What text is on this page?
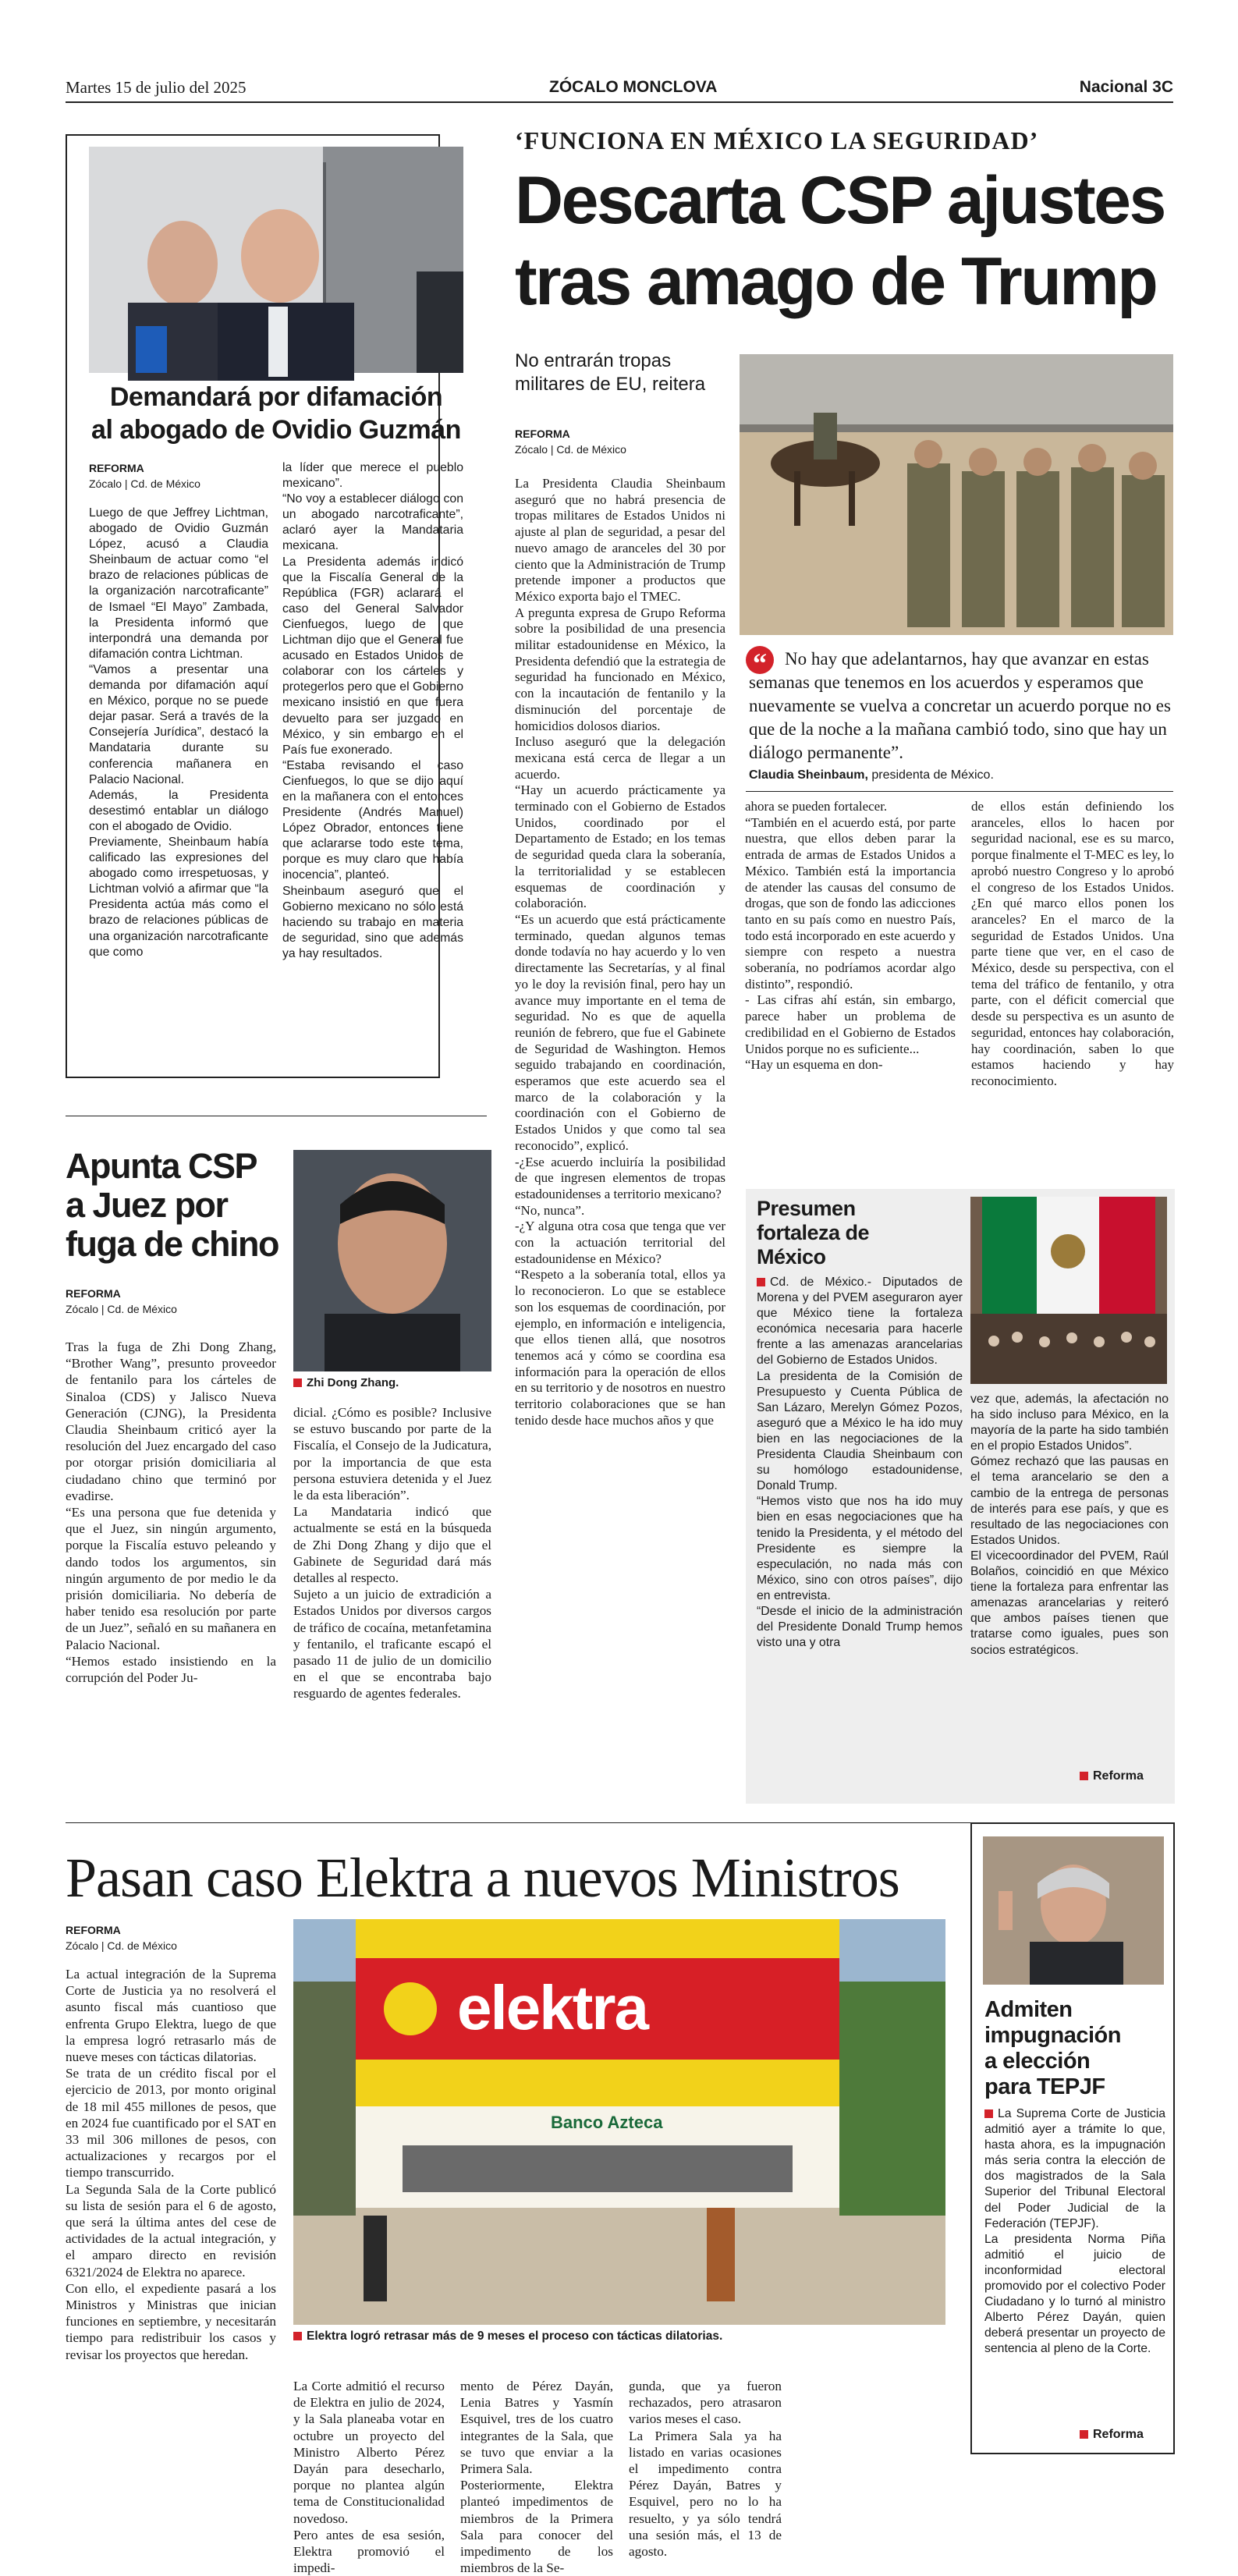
Martes 15 de julio del 2025	ZÓCALO MONCLOVA	Nacional 3C
Demandará por difamación
al abogado de Ovidio Guzmán
REFORMA
Zócalo | Cd. de México
Luego de que Jeffrey Lichtman, abogado de Ovidio Guzmán López, acusó a Claudia Sheinbaum de actuar como “el brazo de relaciones públicas de la organización narcotraficante” de Ismael “El Mayo” Zambada, la Presidenta informó que interpondrá una demanda por difamación contra Lichtman.
“Vamos a presentar una demanda por difamación aquí en México, porque no se puede dejar pasar. Será a través de la Consejería Jurídica”, destacó la Mandataria durante su conferencia mañanera en Palacio Nacional.
Además, la Presidenta desestimó entablar un diálogo con el abogado de Ovidio.
Previamente, Sheinbaum había calificado las expresiones del abogado como irrespetuosas, y Lichtman volvió a afirmar que “la Presidenta actúa más como el brazo de relaciones públicas de una organización narcotraficante que como
la líder que merece el pueblo mexicano”.
“No voy a establecer diálogo con un abogado narcotraficante”, aclaró ayer la Mandataria mexicana.
La Presidenta además indicó que la Fiscalía General de la República (FGR) aclarará el caso del General Salvador Cienfuegos, luego de que Lichtman dijo que el General fue acusado en Estados Unidos de colaborar con los cárteles y protegerlos pero que el Gobierno mexicano insistió en que fuera devuelto para ser juzgado en México, y sin embargo en el País fue exonerado.
“Estaba revisando el caso Cienfuegos, lo que se dijo aquí en la mañanera con el entonces Presidente (Andrés Manuel) López Obrador, entonces tiene que aclararse todo este tema, porque es muy claro que había inocencia”, planteó.
Sheinbaum aseguró que el Gobierno mexicano no sólo está haciendo su trabajo en materia de seguridad, sino que además ya hay resultados.
‘FUNCIONA EN MÉXICO LA SEGURIDAD’
Descarta CSP ajustes
tras amago de Trump
No entrarán tropas
militares de EU, reitera
REFORMA
Zócalo | Cd. de México
“	No hay que adelantarnos, hay que avanzar en estas semanas que tenemos en los acuerdos y esperamos que nuevamente se vuelva a concretar un acuerdo porque no es que de la noche a la mañana cambió todo, sino que hay un diálogo permanente”.
Claudia Sheinbaum, presidenta de México.
La Presidenta Claudia Sheinbaum aseguró que no habrá presencia de tropas militares de Estados Unidos ni ajuste al plan de seguridad, a pesar del nuevo amago de aranceles del 30 por ciento que la Administración de Trump pretende imponer a productos que México exporta bajo el TMEC.
A pregunta expresa de Grupo Reforma sobre la posibilidad de una presencia militar estadounidense en México, la Presidenta defendió que la estrategia de seguridad ha funcionado en México, con la incautación de fentanilo y la disminución del porcentaje de homicidios dolosos diarios.
Incluso aseguró que la delegación mexicana está cerca de llegar a un acuerdo.
“Hay un acuerdo prácticamente ya terminado con el Gobierno de Estados Unidos, coordinado por el Departamento de Estado; en los temas de seguridad queda clara la soberanía, la territorialidad y se establecen esquemas de coordinación y colaboración.
“Es un acuerdo que está prácticamente terminado, quedan algunos temas donde todavía no hay acuerdo y lo ven directamente las Secretarías, y al final yo le doy la revisión final, pero hay un avance muy importante en el tema de seguridad. No es que de aquella reunión de febrero, que fue el Gabinete de Seguridad de Washington. Hemos seguido trabajando en coordinación, esperamos que este acuerdo sea el marco de la colaboración y la coordinación con el Gobierno de Estados Unidos y que como tal sea reconocido”, explicó.
-¿Ese acuerdo incluiría la posibilidad de que ingresen elementos de tropas estadounidenses a territorio mexicano?
“No, nunca”.
-¿Y alguna otra cosa que tenga que ver con la actuación territorial del estadounidense en México?
“Respeto a la soberanía total, ellos ya lo reconocieron. Lo que se establece son los esquemas de coordinación, por ejemplo, en información e inteligencia, que ellos tienen allá, que nosotros tenemos acá y cómo se coordina esa información para la operación de ellos en su territorio y de nosotros en nuestro territorio colaboraciones que se han tenido desde hace muchos años y que
ahora se pueden fortalecer.
“También en el acuerdo está, por parte nuestra, que ellos deben parar la entrada de armas de Estados Unidos a México. También está la importancia de atender las causas del consumo de drogas, que son de fondo las adicciones tanto en su país como en nuestro País, todo está incorporado en este acuerdo y siempre con respeto a nuestra soberanía, no podríamos acordar algo distinto”, respondió.
- Las cifras ahí están, sin embargo, parece haber un problema de credibilidad en el Gobierno de Estados Unidos porque no es suficiente...
“Hay un esquema en don-
de ellos están definiendo los aranceles, ellos lo hacen por seguridad nacional, ese es su marco, porque finalmente el T-MEC es ley, lo aprobó nuestro Congreso y lo aprobó el congreso de los Estados Unidos. ¿En qué marco ellos ponen los aranceles? En el marco de la seguridad de Estados Unidos. Una parte tiene que ver, en el caso de México, desde su perspectiva, con el tema del tráfico de fentanilo, y otra parte, con el déficit comercial que desde su perspectiva es un asunto de seguridad, entonces hay colaboración, hay coordinación, saben lo que estamos haciendo y hay reconocimiento.
Apunta CSP
a Juez por
fuga de chino
REFORMA
Zócalo | Cd. de México
Zhi Dong Zhang.
Tras la fuga de Zhi Dong Zhang, “Brother Wang”, presunto proveedor de fentanilo para los cárteles de Sinaloa (CDS) y Jalisco Nueva Generación (CJNG), la Presidenta Claudia Sheinbaum criticó ayer la resolución del Juez encargado del caso por otorgar prisión domiciliaria al ciudadano chino que terminó por evadirse.
“Es una persona que fue detenida y que el Juez, sin ningún argumento, porque la Fiscalía estuvo peleando y dando todos los argumentos, sin ningún argumento de por medio le da prisión domiciliaria. No debería de haber tenido esa resolución por parte de un Juez”, señaló en su mañanera en Palacio Nacional.
“Hemos estado insistiendo en la corrupción del Poder Ju-
dicial. ¿Cómo es posible? Inclusive se estuvo buscando por parte de la Fiscalía, el Consejo de la Judicatura, por la importancia de que esta persona estuviera detenida y el Juez le da esta liberación”.
La Mandataria indicó que actualmente se está en la búsqueda de Zhi Dong Zhang y dijo que el Gabinete de Seguridad dará más detalles al respecto.
Sujeto a un juicio de extradición a Estados Unidos por diversos cargos de tráfico de cocaína, metanfetamina y fentanilo, el traficante escapó el pasado 11 de julio de un domicilio en el que se encontraba bajo resguardo de agentes federales.
Presumen
fortaleza de
México
Cd. de México.- Diputados de Morena y del PVEM aseguraron ayer que México tiene la fortaleza económica necesaria para hacerle frente a las amenazas arancelarias del Gobierno de Estados Unidos.
La presidenta de la Comisión de Presupuesto y Cuenta Pública de San Lázaro, Merelyn Gómez Pozos, aseguró que a México le ha ido muy bien en las negociaciones de la Presidenta Claudia Sheinbaum con su homólogo estadounidense, Donald Trump.
“Hemos visto que nos ha ido muy bien en esas negociaciones que ha tenido la Presidenta, y el método del Presidente es siempre la especulación, no nada más con México, sino con otros países”, dijo en entrevista.
“Desde el inicio de la administración del Presidente Donald Trump hemos visto una y otra
vez que, además, la afectación no ha sido incluso para México, en la mayoría de la parte ha sido también en el propio Estados Unidos”.
Gómez rechazó que las pausas en el tema arancelario se den a cambio de la entrega de personas de interés para ese país, y que es resultado de las negociaciones con Estados Unidos.
El vicecoordinador del PVEM, Raúl Bolaños, coincidió en que México tiene la fortaleza para enfrentar las amenazas arancelarias y reiteró que ambos países tienen que tratarse como iguales, pues son socios estratégicos.
Reforma
Pasan caso Elektra a nuevos Ministros
REFORMA
Zócalo | Cd. de México
elektra
Banco Azteca
Elektra logró retrasar más de 9 meses el proceso con tácticas dilatorias.
La actual integración de la Suprema Corte de Justicia ya no resolverá el asunto fiscal más cuantioso que enfrenta Grupo Elektra, luego de que la empresa logró retrasarlo más de nueve meses con tácticas dilatorias.
Se trata de un crédito fiscal por el ejercicio de 2013, por monto original de 18 mil 455 millones de pesos, que en 2024 fue cuantificado por el SAT en 33 mil 306 millones de pesos, con actualizaciones y recargos por el tiempo transcurrido.
La Segunda Sala de la Corte publicó su lista de sesión para el 6 de agosto, que será la última antes del cese de actividades de la actual integración, y el amparo directo en revisión 6321/2024 de Elektra no aparece.
Con ello, el expediente pasará a los Ministros y Ministras que inician funciones en septiembre, y necesitarán tiempo para redistribuir los casos y revisar los proyectos que heredan.
La Corte admitió el recurso de Elektra en julio de 2024, y la Sala planeaba votar en octubre un proyecto del Ministro Alberto Pérez Dayán para desecharlo, porque no plantea algún tema de Constitucionalidad novedoso.
Pero antes de esa sesión, Elektra promovió el impedi-
mento de Pérez Dayán, Lenia Batres y Yasmín Esquivel, tres de los cuatro integrantes de la Sala, que se tuvo que enviar a la Primera Sala.
Posteriormente, Elektra planteó impedimentos de miembros de la Primera Sala para conocer del impedimento de los miembros de la Se-
gunda, que ya fueron rechazados, pero atrasaron varios meses el caso.
La Primera Sala ya ha listado en varias ocasiones el impedimento contra Pérez Dayán, Batres y Esquivel, pero no lo ha resuelto, y ya sólo tendrá una sesión más, el 13 de agosto.
Admiten
impugnación
a elección
para TEPJF
La Suprema Corte de Justicia admitió ayer a trámite lo que, hasta ahora, es la impugnación más seria contra la elección de dos magistrados de la Sala Superior del Tribunal Electoral del Poder Judicial de la Federación (TEPJF).
La presidenta Norma Piña admitió el juicio de inconformidad electoral promovido por el colectivo Poder Ciudadano y lo turnó al ministro Alberto Pérez Dayán, quien deberá presentar un proyecto de sentencia al pleno de la Corte.
Reforma
